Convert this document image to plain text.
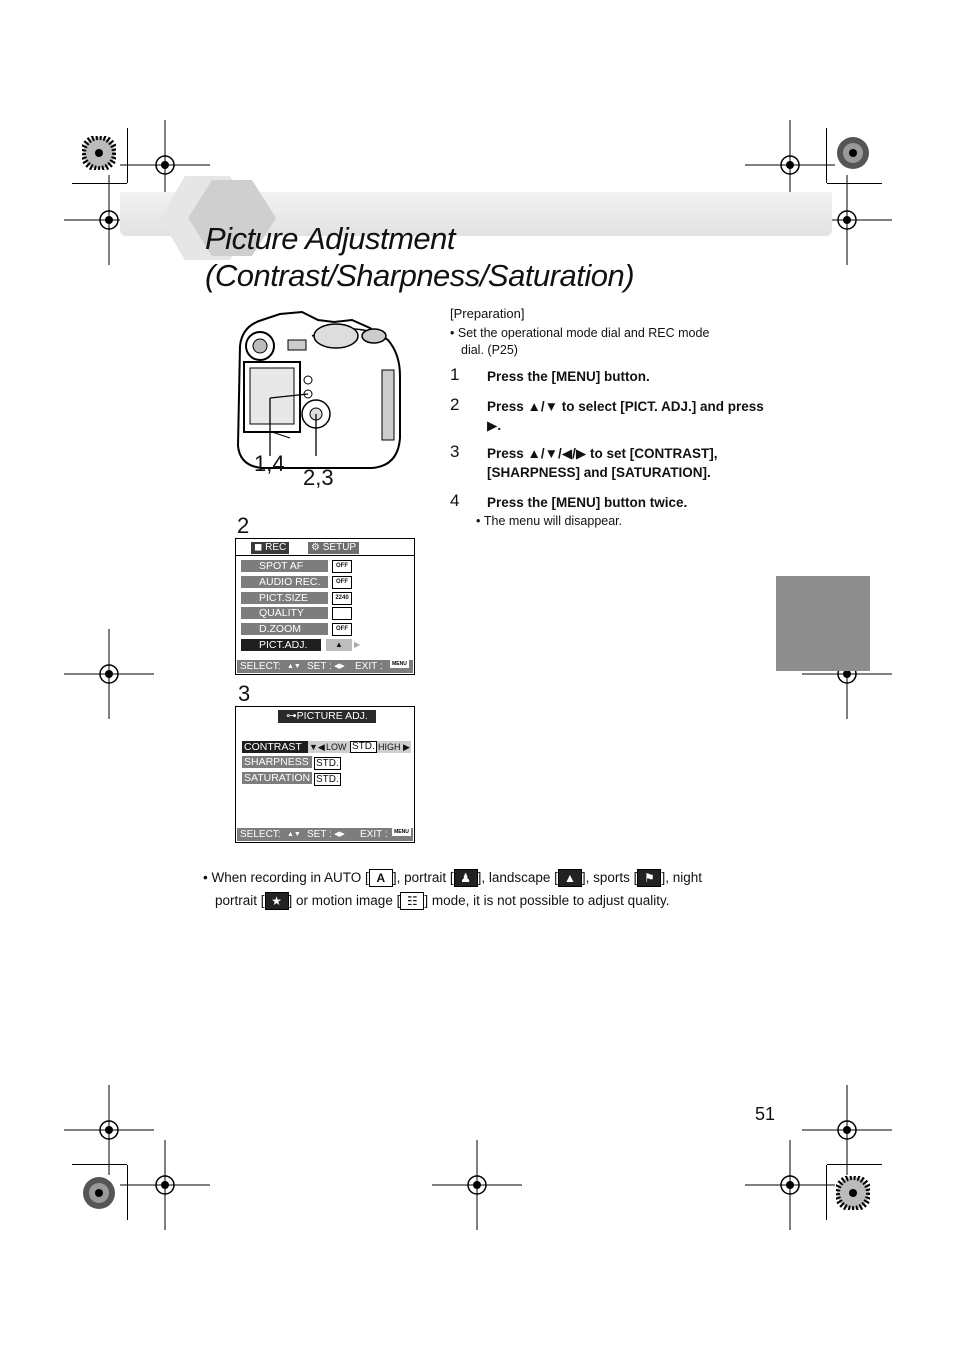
Picture Adjustment
(Contrast/Sharpness/Saturation)
1,4
2,3
[Preparation]
• Set the operational mode dial and REC mode
dial. (P25)
1 Press the [MENU] button.
2 Press ▲/▼ to select [PICT. ADJ.] and press ▶.
3 Press ▲/▼/◀/▶ to set [CONTRAST], [SHARPNESS] and [SATURATION].
4 Press the [MENU] button twice.
• The menu will disappear.
2
◼ REC	⚙ SETUP
SPOT AF	OFF
AUDIO REC.	OFF
PICT.SIZE	2240
QUALITY
D.ZOOM	OFF
PICT.ADJ.	▲	▶
SELECT: ▲▼ SET : ◀▶ EXIT :	MENU
3
⊶PICTURE ADJ.
CONTRAST ▼◀ LOW STD. HIGH ▶
SHARPNESS STD.
SATURATION STD.
SELECT: ▲▼ SET : ◀▶ EXIT :	MENU
• When recording in AUTO [ A ], portrait [ ♟ ], landscape [ ▲ ], sports [ ⚑ ], night
portrait [ ★ ] or motion image [ ☷ ] mode, it is not possible to adjust quality.
51
